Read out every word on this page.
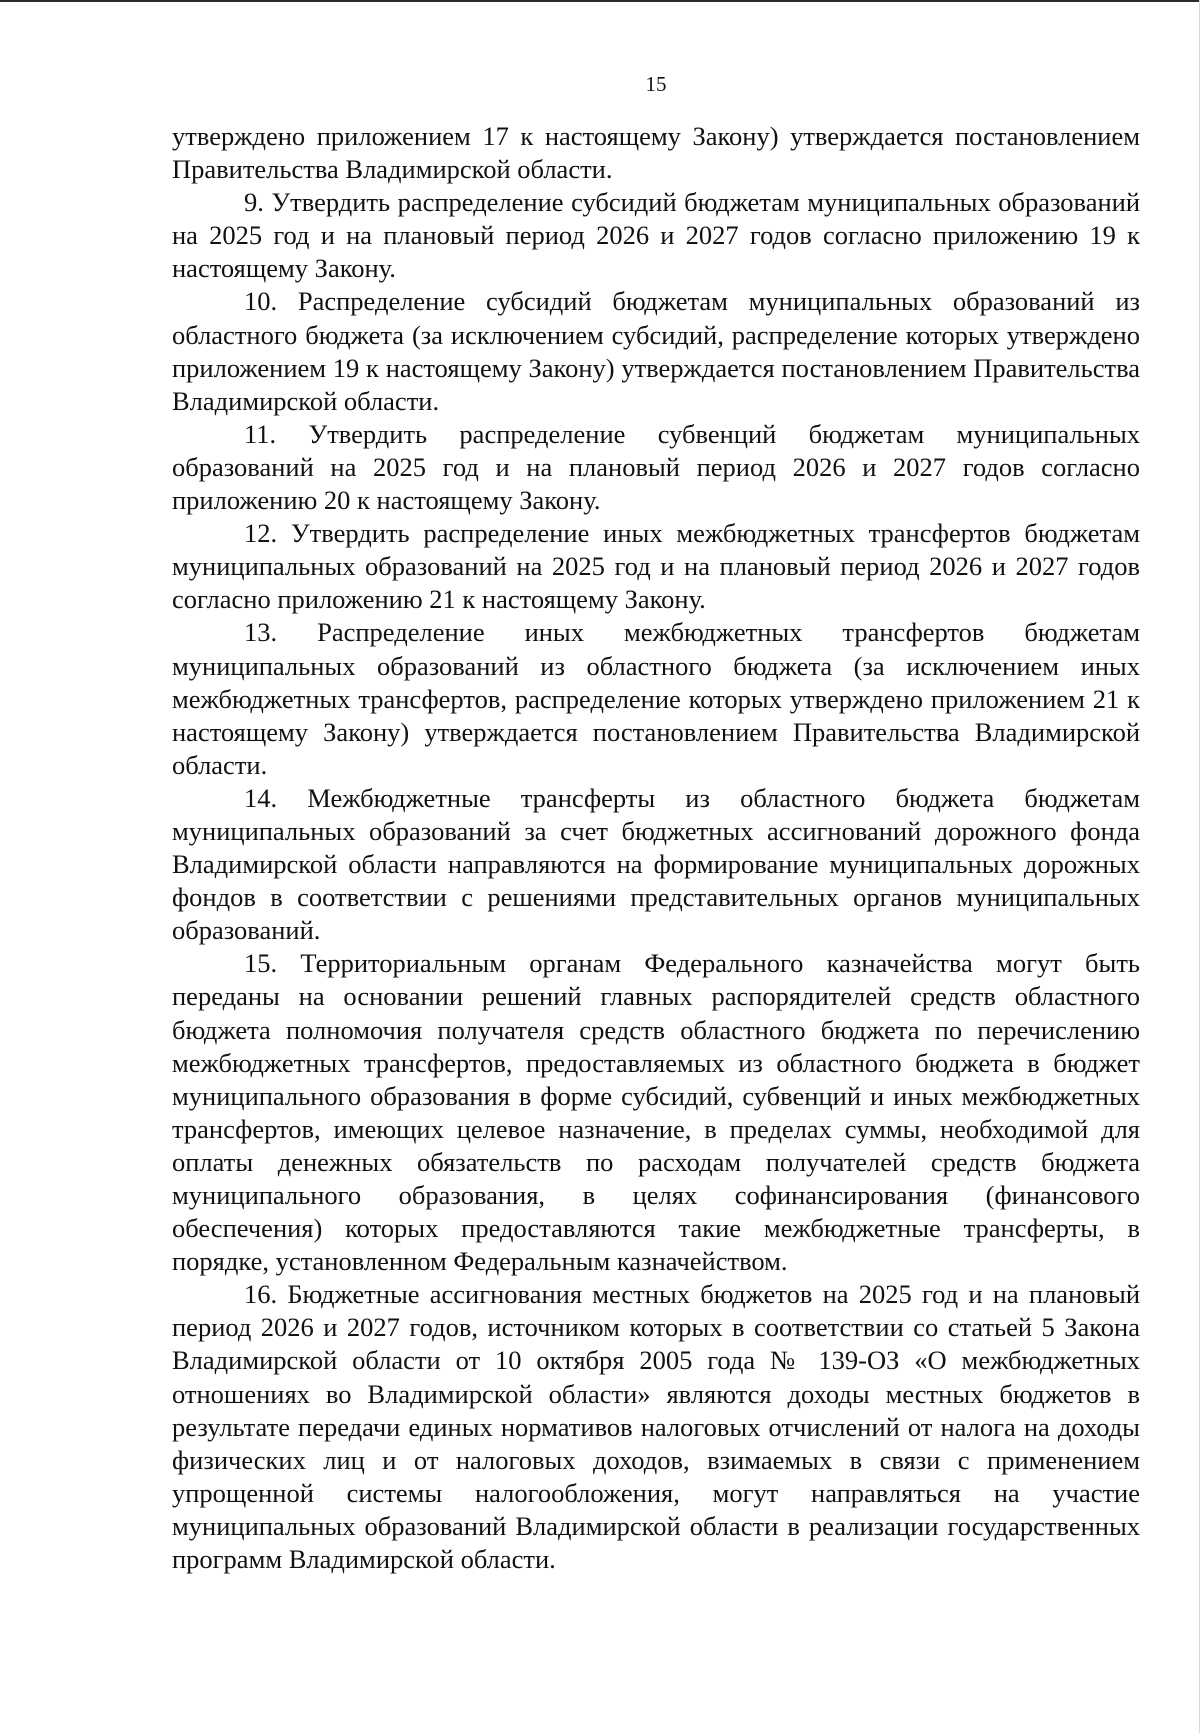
15

утверждено приложением 17 к настоящему Закону) утверждается постановлением Правительства Владимирской области.

9. Утвердить распределение субсидий бюджетам муниципальных образований на 2025 год и на плановый период 2026 и 2027 годов согласно приложению 19 к настоящему Закону.

10. Распределение субсидий бюджетам муниципальных образований из областного бюджета (за исключением субсидий, распределение которых утверждено приложением 19 к настоящему Закону) утверждается постановлением Правительства Владимирской области.

11. Утвердить распределение субвенций бюджетам муниципальных образований на 2025 год и на плановый период 2026 и 2027 годов согласно приложению 20 к настоящему Закону.

12. Утвердить распределение иных межбюджетных трансфертов бюджетам муниципальных образований на 2025 год и на плановый период 2026 и 2027 годов согласно приложению 21 к настоящему Закону.

13. Распределение иных межбюджетных трансфертов бюджетам муниципальных образований из областного бюджета (за исключением иных межбюджетных трансфертов, распределение которых утверждено приложением 21 к настоящему Закону) утверждается постановлением Правительства Владимирской области.

14. Межбюджетные трансферты из областного бюджета бюджетам муниципальных образований за счет бюджетных ассигнований дорожного фонда Владимирской области направляются на формирование муниципальных дорожных фондов в соответствии с решениями представительных органов муниципальных образований.

15. Территориальным органам Федерального казначейства могут быть переданы на основании решений главных распорядителей средств областного бюджета полномочия получателя средств областного бюджета по перечислению межбюджетных трансфертов, предоставляемых из областного бюджета в бюджет муниципального образования в форме субсидий, субвенций и иных межбюджетных трансфертов, имеющих целевое назначение, в пределах суммы, необходимой для оплаты денежных обязательств по расходам получателей средств бюджета муниципального образования, в целях софинансирования (финансового обеспечения) которых предоставляются такие межбюджетные трансферты, в порядке, установленном Федеральным казначейством.

16. Бюджетные ассигнования местных бюджетов на 2025 год и на плановый период 2026 и 2027 годов, источником которых в соответствии со статьей 5 Закона Владимирской области от 10 октября 2005 года № 139-ОЗ «О межбюджетных отношениях во Владимирской области» являются доходы местных бюджетов в результате передачи единых нормативов налоговых отчислений от налога на доходы физических лиц и от налоговых доходов, взимаемых в связи с применением упрощенной системы налогообложения, могут направляться на участие муниципальных образований Владимирской области в реализации государственных программ Владимирской области.
